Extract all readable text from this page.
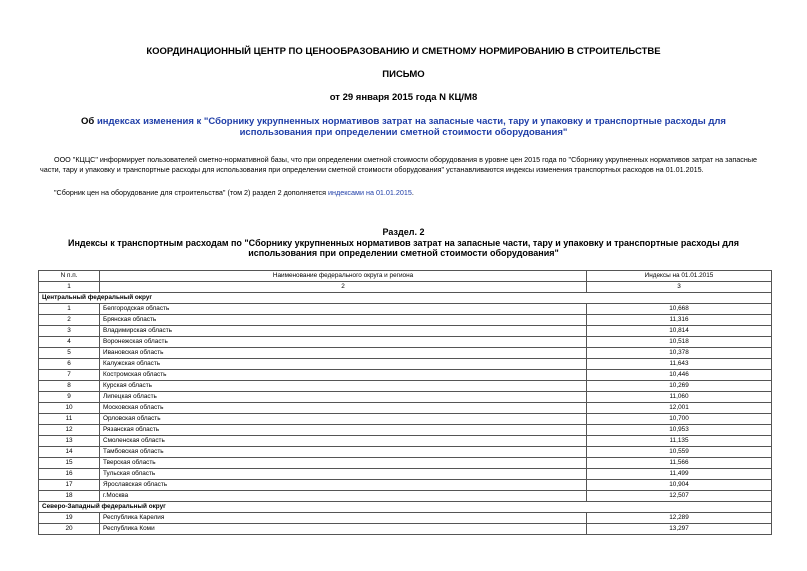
КООРДИНАЦИОННЫЙ ЦЕНТР ПО ЦЕНООБРАЗОВАНИЮ И СМЕТНОМУ НОРМИРОВАНИЮ В СТРОИТЕЛЬСТВЕ
ПИСЬМО
от 29 января 2015 года N КЦ/М8
Об индексах изменения к "Сборнику укрупненных нормативов затрат на запасные части, тару и упаковку и транспортные расходы для использования при определении сметной стоимости оборудования"
ООО "КЦЦС" информирует пользователей сметно-нормативной базы, что при определении сметной стоимости оборудования в уровне цен 2015 года по "Сборнику укрупненных нормативов затрат на запасные части, тару и упаковку и транспортные расходы для использования при определении сметной стоимости оборудования" устанавливаются индексы изменения транспортных расходов на 01.01.2015.
"Сборник цен на оборудование для строительства" (том 2) раздел 2 дополняется индексами на 01.01.2015.
Раздел. 2
Индексы к транспортным расходам по "Сборнику укрупненных нормативов затрат на запасные части, тару и упаковку и транспортные расходы для использования при определении сметной стоимости оборудования"
N п.п.	Наименование федерального округа и региона	Индексы на 01.01.2015
1	2	3
Центральный федеральный округ		
1	Белгородская область	10,668
2	Брянская область	11,316
3	Владимирская область	10,814
4	Воронежская область	10,518
5	Ивановская область	10,378
6	Калужская область	11,643
7	Костромская область	10,446
8	Курская область	10,269
9	Липецкая область	11,060
10	Московская область	12,001
11	Орловская область	10,700
12	Рязанская область	10,953
13	Смоленская область	11,135
14	Тамбовская область	10,559
15	Тверская область	11,566
16	Тульская область	11,499
17	Ярославская область	10,904
18	г.Москва	12,507
Северо-Западный федеральный округ		
19	Республика Карелия	12,289
20	Республика Коми	13,297
